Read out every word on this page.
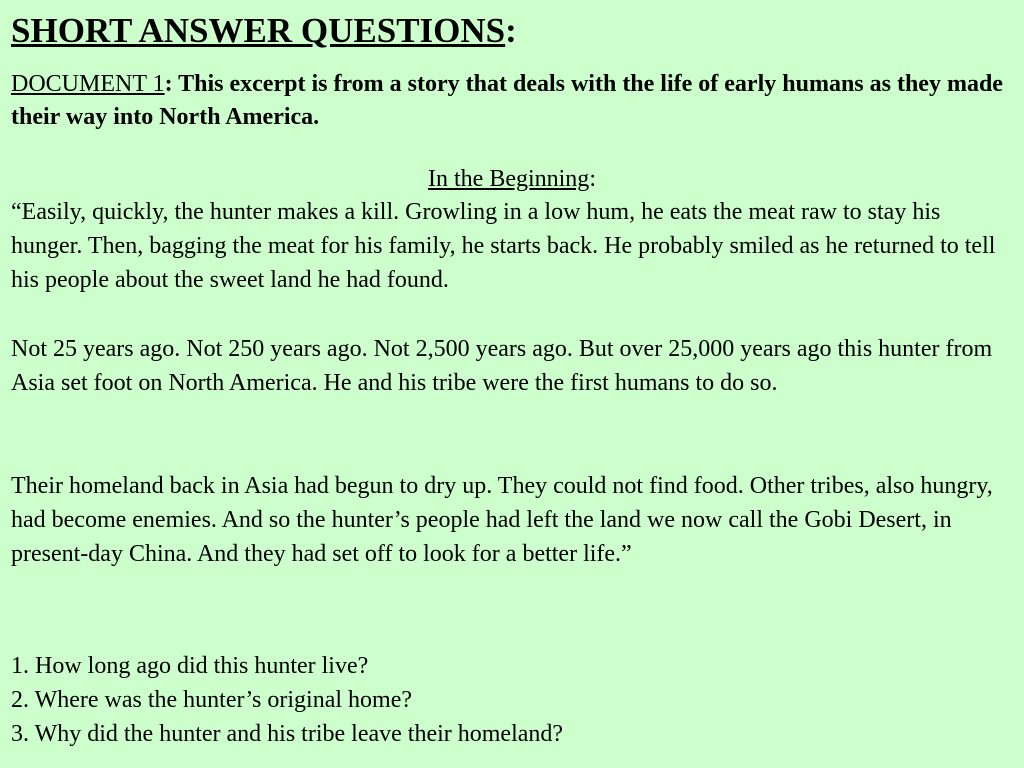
SHORT ANSWER QUESTIONS:

DOCUMENT 1: This excerpt is from a story that deals with the life of early humans as they made their way into North America.

In the Beginning:

“Easily, quickly, the hunter makes a kill. Growling in a low hum, he eats the meat raw to stay his hunger. Then, bagging the meat for his family, he starts back. He probably smiled as he returned to tell his people about the sweet land he had found.

Not 25 years ago. Not 250 years ago. Not 2,500 years ago. But over 25,000 years ago this hunter from Asia set foot on North America. He and his tribe were the first humans to do so.

Their homeland back in Asia had begun to dry up. They could not find food. Other tribes, also hungry, had become enemies. And so the hunter’s people had left the land we now call the Gobi Desert, in present-day China. And they had set off to look for a better life.”

1. How long ago did this hunter live?
2. Where was the hunter’s original home?
3. Why did the hunter and his tribe leave their homeland?
